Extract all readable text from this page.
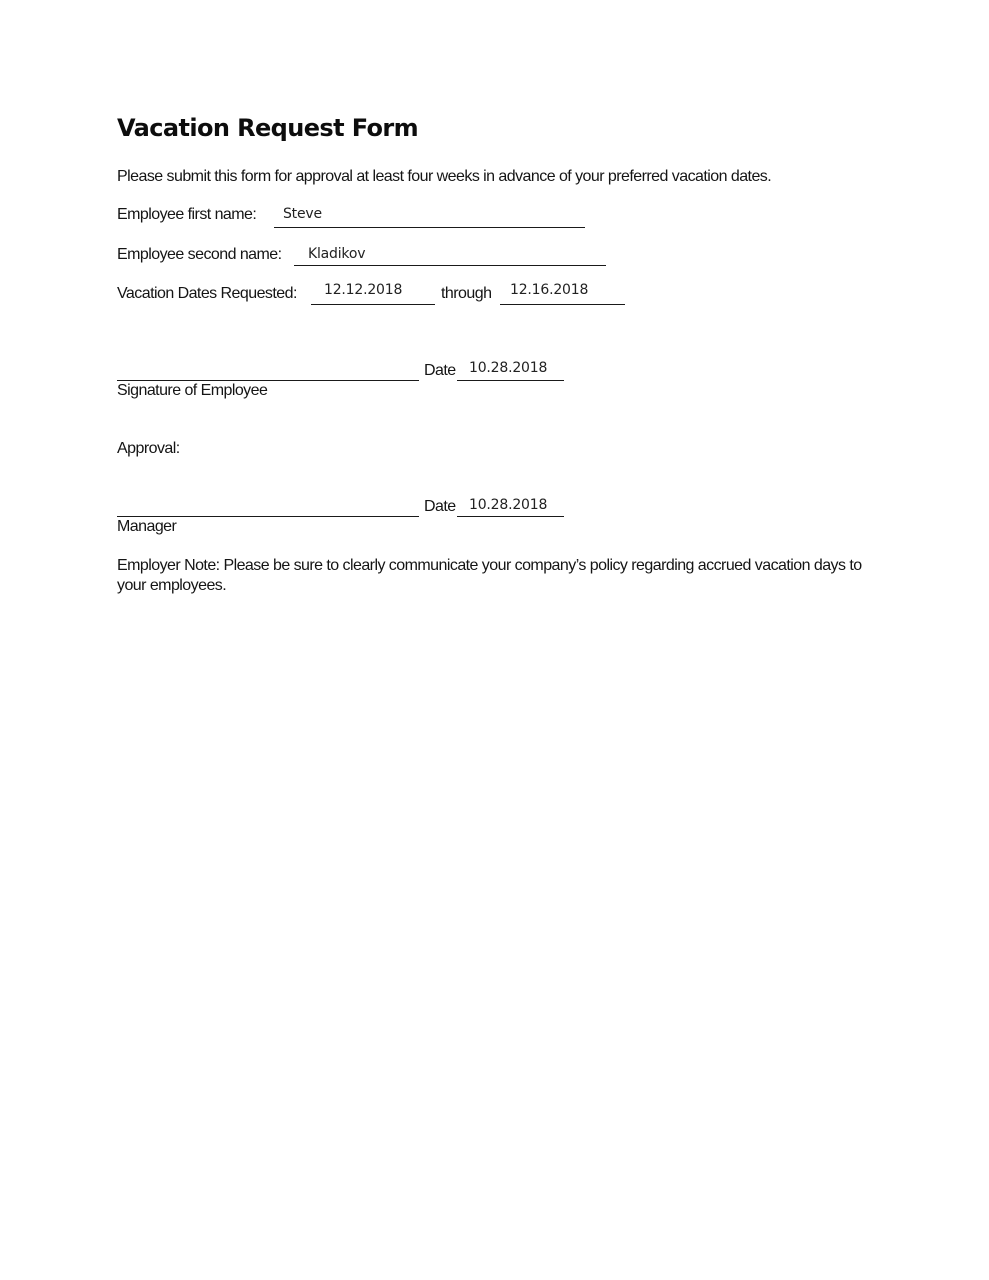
Vacation Request Form
Please submit this form for approval at least four weeks in advance of your preferred vacation dates.
Employee first name: Steve
Employee second name: Kladikov
Vacation Dates Requested: 12.12.2018 through 12.16.2018
Date 10.28.2018
Signature of Employee
Approval:
Date 10.28.2018
Manager
Employer Note: Please be sure to clearly communicate your company’s policy regarding accrued vacation days to your employees.
